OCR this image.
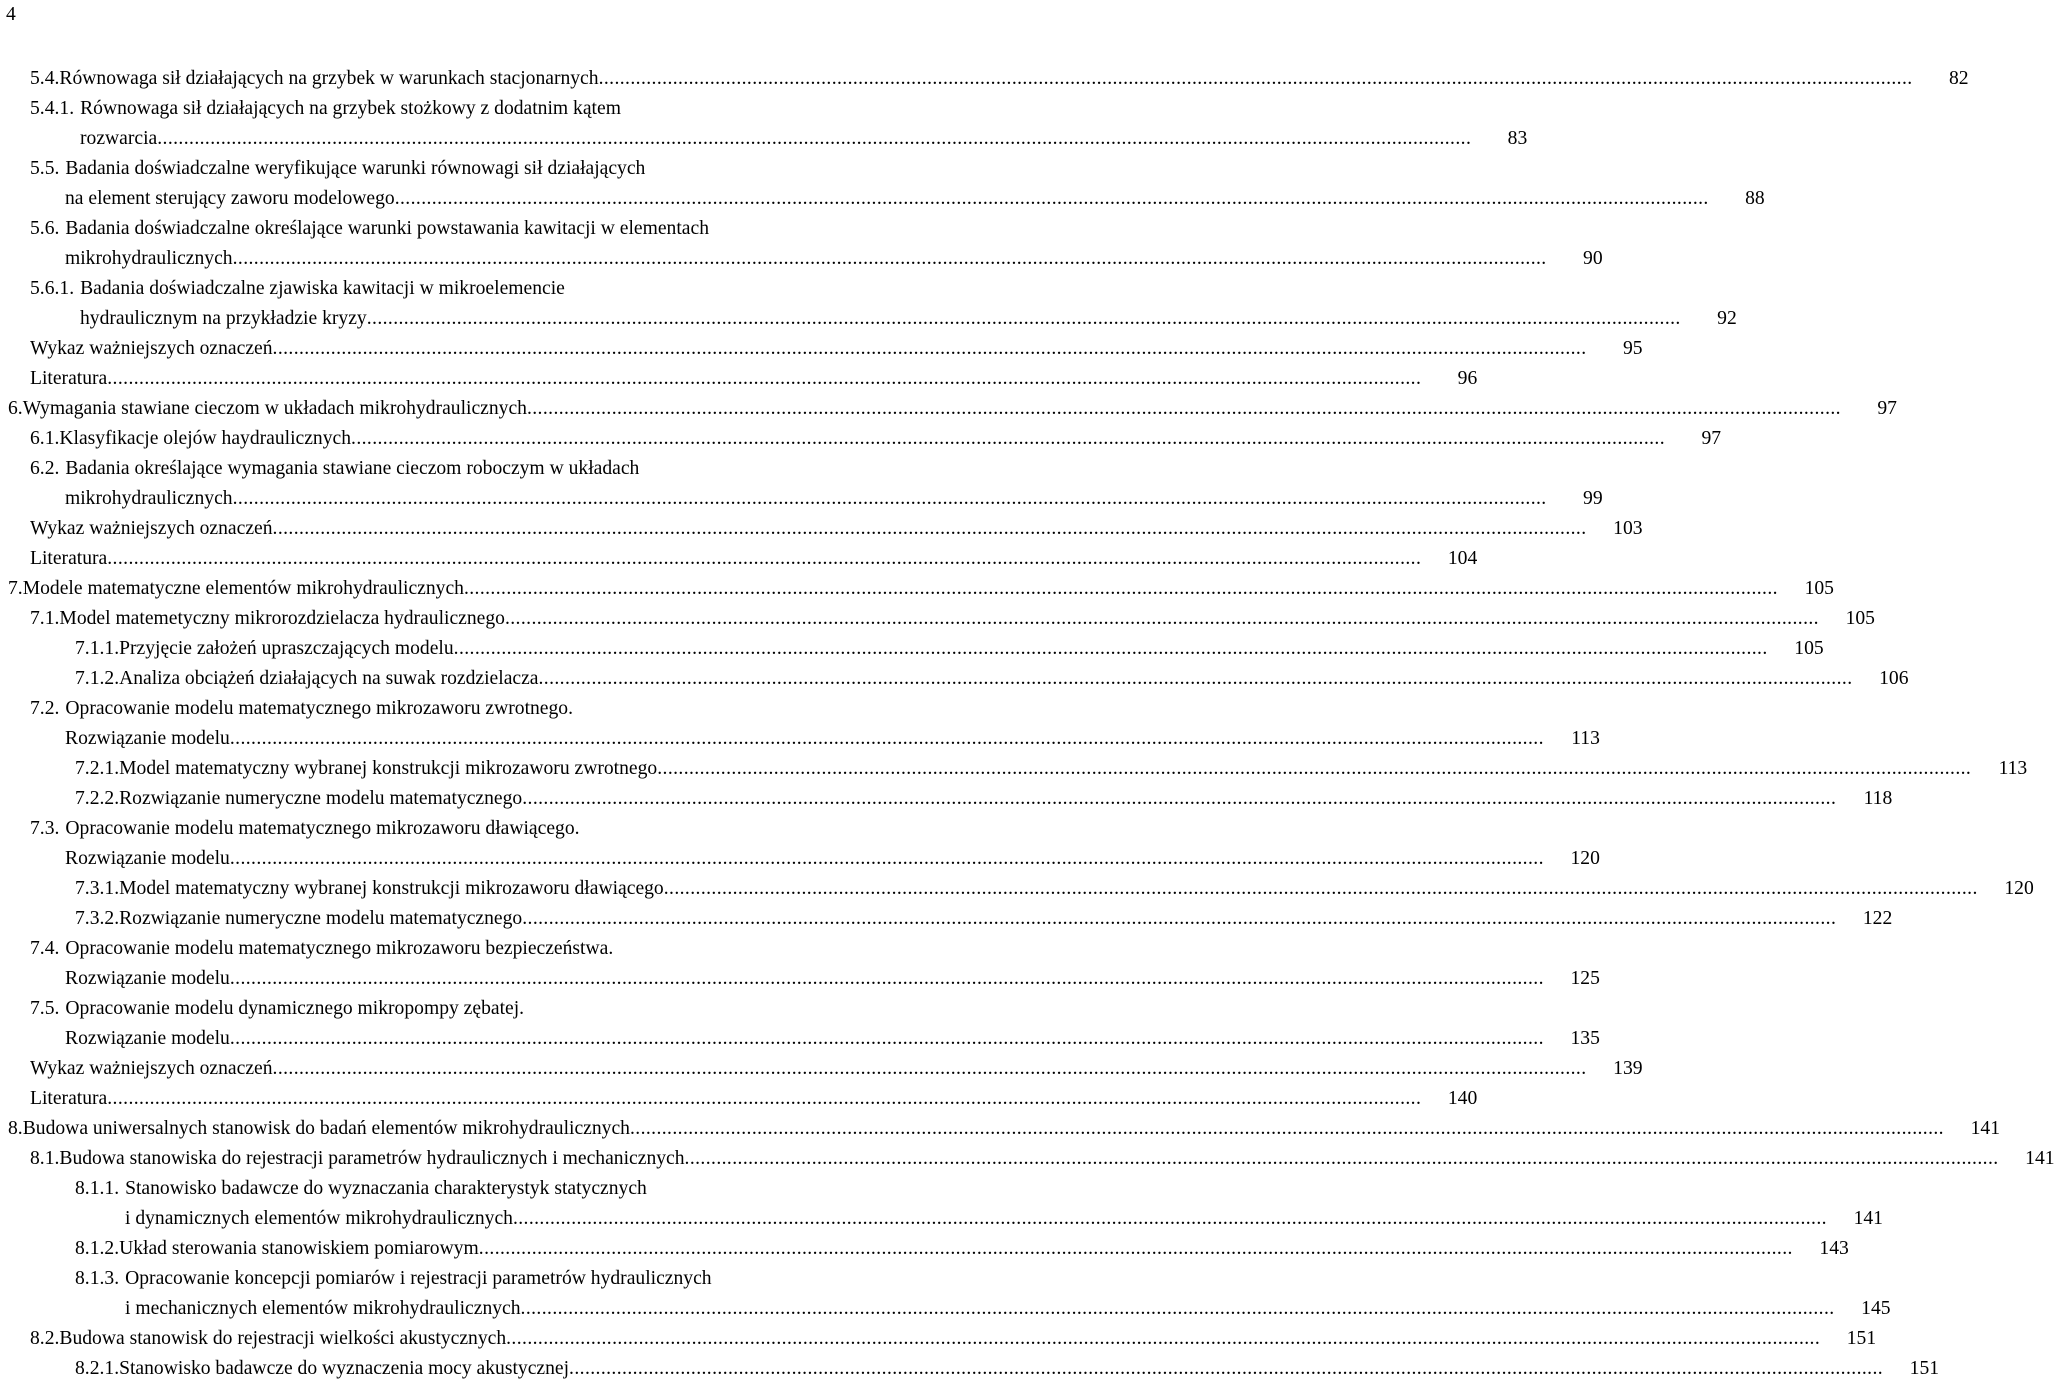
4
5.4. Równowaga sił działających na grzybek w warunkach stacjonarnych .....	82
5.4.1. Równowaga sił działających na grzybek stożkowy z dodatnim kątem
rozwarcia .....	83
5.5. Badania doświadczalne weryfikujące warunki równowagi sił działających
na element sterujący zaworu modelowego .....	88
5.6. Badania doświadczalne określające warunki powstawania kawitacji w elementach
mikrohydraulicznych .....	90
5.6.1. Badania doświadczalne zjawiska kawitacji w mikroelemencie
hydraulicznym na przykładzie kryzy .....	92
Wykaz ważniejszych oznaczeń .....	95
Literatura .....	96
6. Wymagania stawiane cieczom w układach mikrohydraulicznych .....	97
6.1. Klasyfikacje olejów haydraulicznych .....	97
6.2. Badania określające wymagania stawiane cieczom roboczym w układach
mikrohydraulicznych .....	99
Wykaz ważniejszych oznaczeń .....	103
Literatura .....	104
7. Modele matematyczne elementów mikrohydraulicznych .....	105
7.1. Model matemetyczny mikrorozdzielacza hydraulicznego .....	105
7.1.1. Przyjęcie założeń upraszczających modelu .....	105
7.1.2. Analiza obciążeń działających na suwak rozdzielacza .....	106
7.2. Opracowanie modelu matematycznego mikrozaworu zwrotnego.
Rozwiązanie modelu .....	113
7.2.1. Model matematyczny wybranej konstrukcji mikrozaworu zwrotnego .....	113
7.2.2. Rozwiązanie numeryczne modelu matematycznego .....	118
7.3. Opracowanie modelu matematycznego mikrozaworu dławiącego.
Rozwiązanie modelu .....	120
7.3.1. Model matematyczny wybranej konstrukcji mikrozaworu dławiącego .....	120
7.3.2. Rozwiązanie numeryczne modelu matematycznego .....	122
7.4. Opracowanie modelu matematycznego mikrozaworu bezpieczeństwa.
Rozwiązanie modelu .....	125
7.5. Opracowanie modelu dynamicznego mikropompy zębatej.
Rozwiązanie modelu .....	135
Wykaz ważniejszych oznaczeń .....	139
Literatura .....	140
8. Budowa uniwersalnych stanowisk do badań elementów mikrohydraulicznych .....	141
8.1. Budowa stanowiska do rejestracji parametrów hydraulicznych i mechanicznych .....	141
8.1.1. Stanowisko badawcze do wyznaczania charakterystyk statycznych
i dynamicznych elementów mikrohydraulicznych .....	141
8.1.2. Układ sterowania stanowiskiem pomiarowym .....	143
8.1.3. Opracowanie koncepcji pomiarów i rejestracji parametrów hydraulicznych
i mechanicznych elementów mikrohydraulicznych .....	145
8.2. Budowa stanowisk do rejestracji wielkości akustycznych .....	151
8.2.1. Stanowisko badawcze do wyznaczenia mocy akustycznej .....	151
